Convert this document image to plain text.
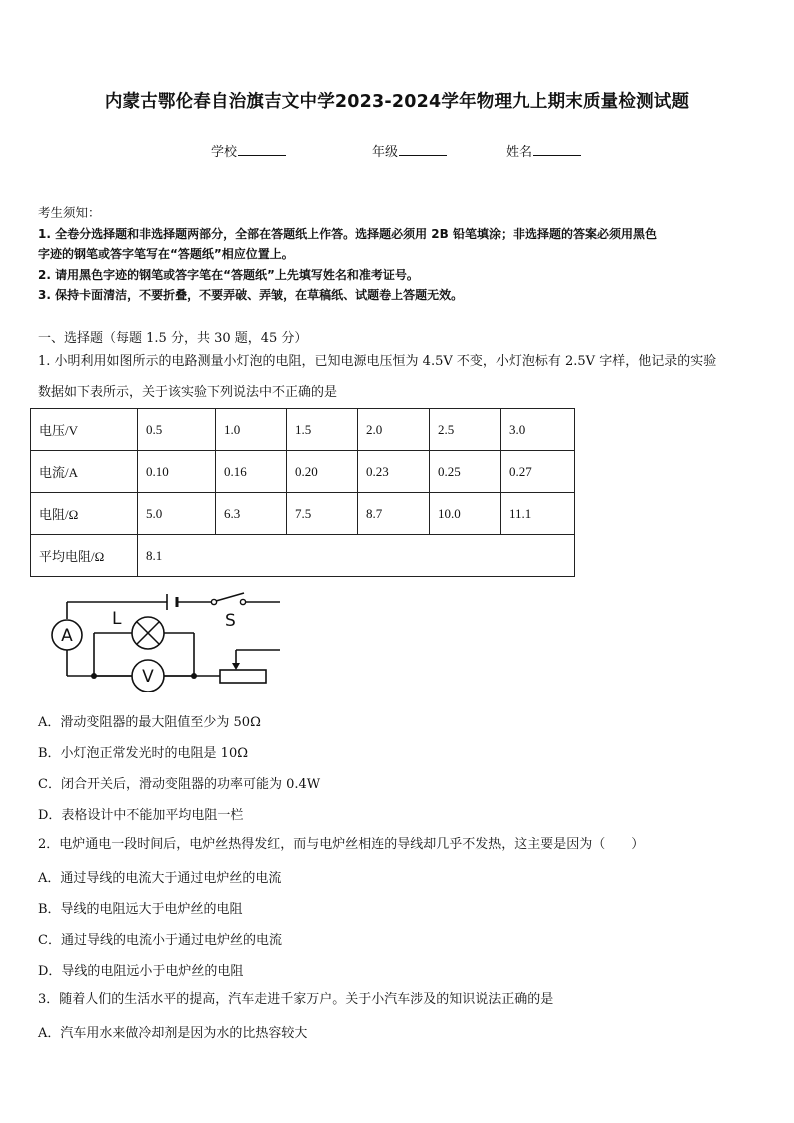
内蒙古鄂伦春自治旗吉文中学2023-2024学年物理九上期末质量检测试题
学校	年级	姓名
考生须知：
1. 全卷分选择题和非选择题两部分，全部在答题纸上作答。选择题必须用 2B 铅笔填涂；非选择题的答案必须用黑色
字迹的钢笔或答字笔写在“答题纸”相应位置上。
2. 请用黑色字迹的钢笔或答字笔在“答题纸”上先填写姓名和准考证号。
3. 保持卡面清洁，不要折叠，不要弄破、弄皱，在草稿纸、试题卷上答题无效。
一、选择题（每题 1.5 分，共 30 题，45 分）
1. 小明利用如图所示的电路测量小灯泡的电阻，已知电源电压恒为 4.5V 不变，小灯泡标有 2.5V 字样，他记录的实验
数据如下表所示，关于该实验下列说法中不正确的是
电压/V	0.5	1.0	1.5	2.0	2.5	3.0
电流/A	0.10	0.16	0.20	0.23	0.25	0.27
电阻/Ω	5.0	6.3	7.5	8.7	10.0	11.1
平均电阻/Ω	8.1					
S
A
L
V
A．滑动变阻器的最大阻值至少为 50Ω
B．小灯泡正常发光时的电阻是 10Ω
C．闭合开关后，滑动变阻器的功率可能为 0.4W
D．表格设计中不能加平均电阻一栏
2．电炉通电一段时间后，电炉丝热得发红，而与电炉丝相连的导线却几乎不发热，这主要是因为（　　）
A．通过导线的电流大于通过电炉丝的电流
B．导线的电阻远大于电炉丝的电阻
C．通过导线的电流小于通过电炉丝的电流
D．导线的电阻远小于电炉丝的电阻
3．随着人们的生活水平的提高，汽车走进千家万户。关于小汽车涉及的知识说法正确的是
A．汽车用水来做冷却剂是因为水的比热容较大
